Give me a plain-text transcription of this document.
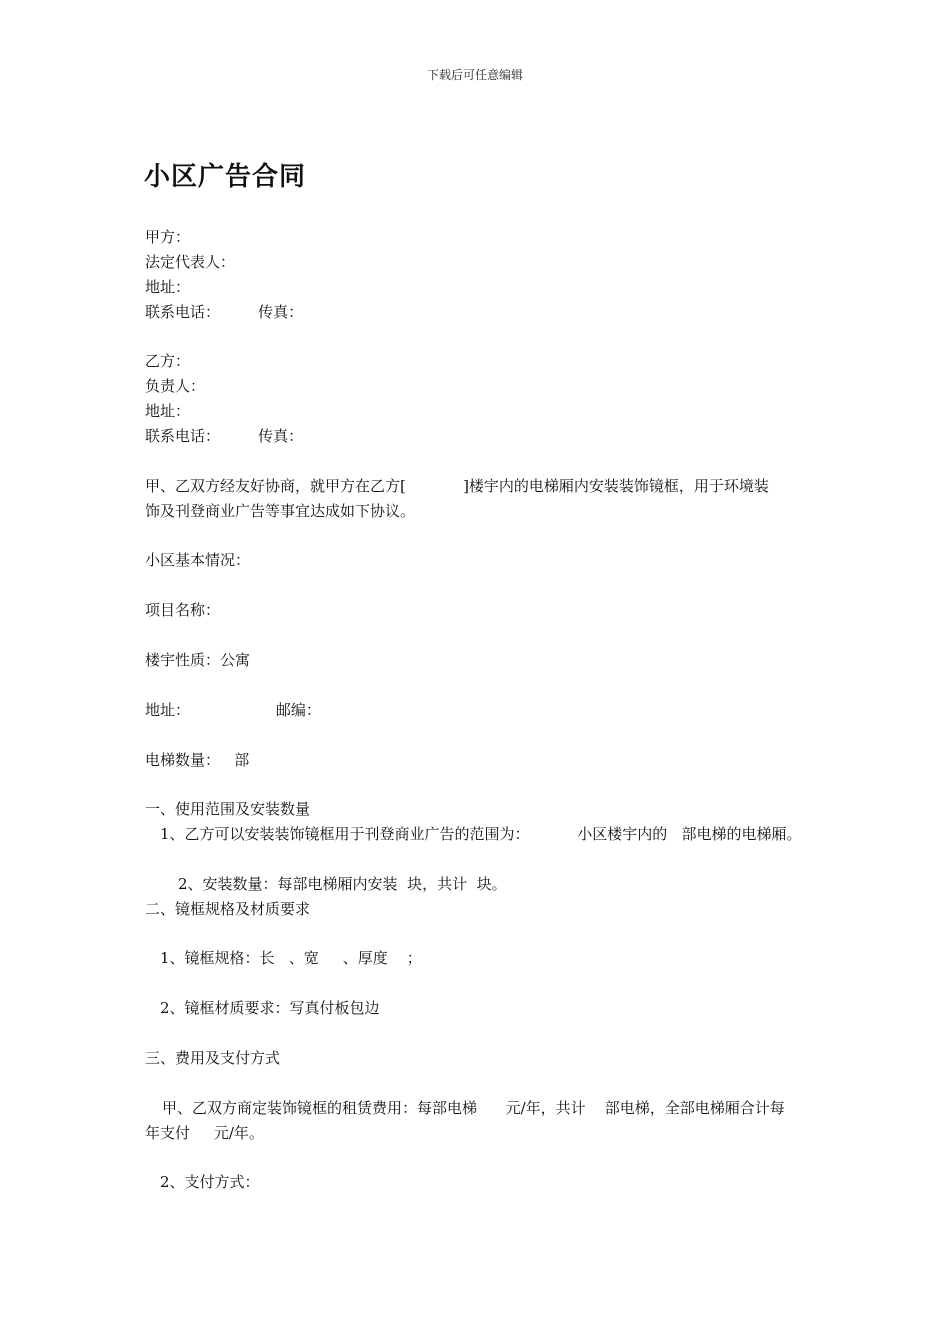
下载后可任意编辑
小区广告合同
甲方：
法定代表人：
地址：
联系电话：        传真：
乙方：
负责人：
地址：
联系电话：        传真：
甲、乙双方经友好协商，就甲方在乙方[            ]楼宇内的电梯厢内安装装饰镜框，用于环境装
饰及刊登商业广告等事宜达成如下协议。
小区基本情况：
项目名称：
楼宇性质：公寓
地址：                  邮编：
电梯数量：   部
一、使用范围及安装数量
1、乙方可以安装装饰镜框用于刊登商业广告的范围为：          小区楼宇内的   部电梯的电梯厢。
2、安装数量：每部电梯厢内安装  块，共计  块。
二、镜框规格及材质要求
1、镜框规格：长   、宽     、厚度    ；
2、镜框材质要求：写真付板包边
三、费用及支付方式
甲、乙双方商定装饰镜框的租赁费用：每部电梯      元/年，共计    部电梯，全部电梯厢合计每
年支付     元/年。
2、支付方式：
